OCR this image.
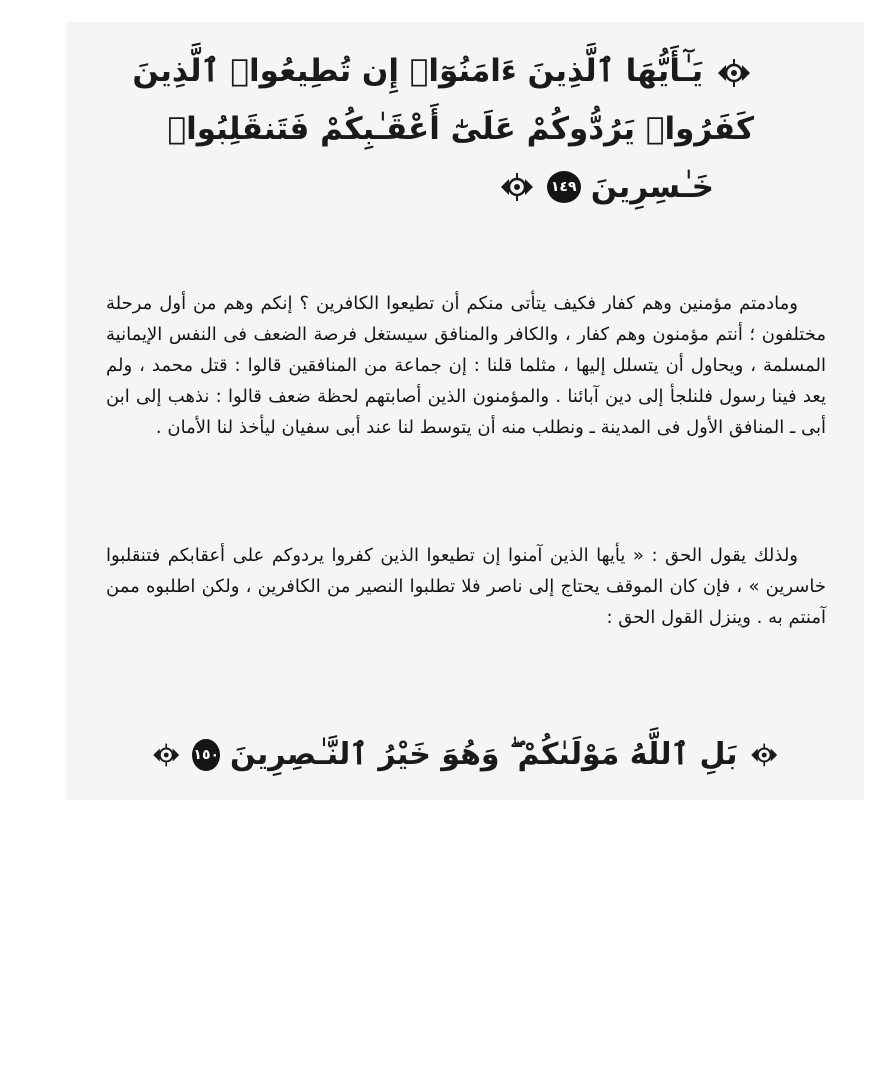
يَـٰٓأَيُّهَا ٱلَّذِينَ ءَامَنُوٓا۟ إِن تُطِيعُوا۟ ٱلَّذِينَ
كَفَرُوا۟ يَرُدُّوكُمْ عَلَىٰٓ أَعْقَـٰبِكُمْ فَتَنقَلِبُوا۟
خَـٰسِرِينَ
١٤٩

ومادمتم مؤمنين وهم كفار فكيف يتأتى منكم أن تطيعوا الكافرين ؟ إنكم وهم من أول مرحلة مختلفون ؛ أنتم مؤمنون وهم كفار ، والكافر والمنافق سيستغل فرصة الضعف فى النفس الإيمانية المسلمة ، ويحاول أن يتسلل إليها ، مثلما قلنا : إن جماعة من المنافقين قالوا : قتل محمد ، ولم يعد فينا رسول فلنلجأ إلى دين آبائنا . والمؤمنون الذين أصابتهم لحظة ضعف قالوا : نذهب إلى ابن أبى ـ المنافق الأول فى المدينة ـ ونطلب منه أن يتوسط لنا عند أبى سفيان ليأخذ لنا الأمان .

ولذلك يقول الحق : « يأيها الذين آمنوا إن تطيعوا الذين كفروا يردوكم على أعقابكم فتنقلبوا خاسرين » ، فإن كان الموقف يحتاج إلى ناصر فلا تطلبوا النصير من الكافرين ، ولكن اطلبوه ممن آمنتم به . وينزل القول الحق :

بَلِ ٱللَّهُ مَوْلَىٰكُمْ ۖ وَهُوَ خَيْرُ ٱلنَّـٰصِرِينَ
١٥٠
